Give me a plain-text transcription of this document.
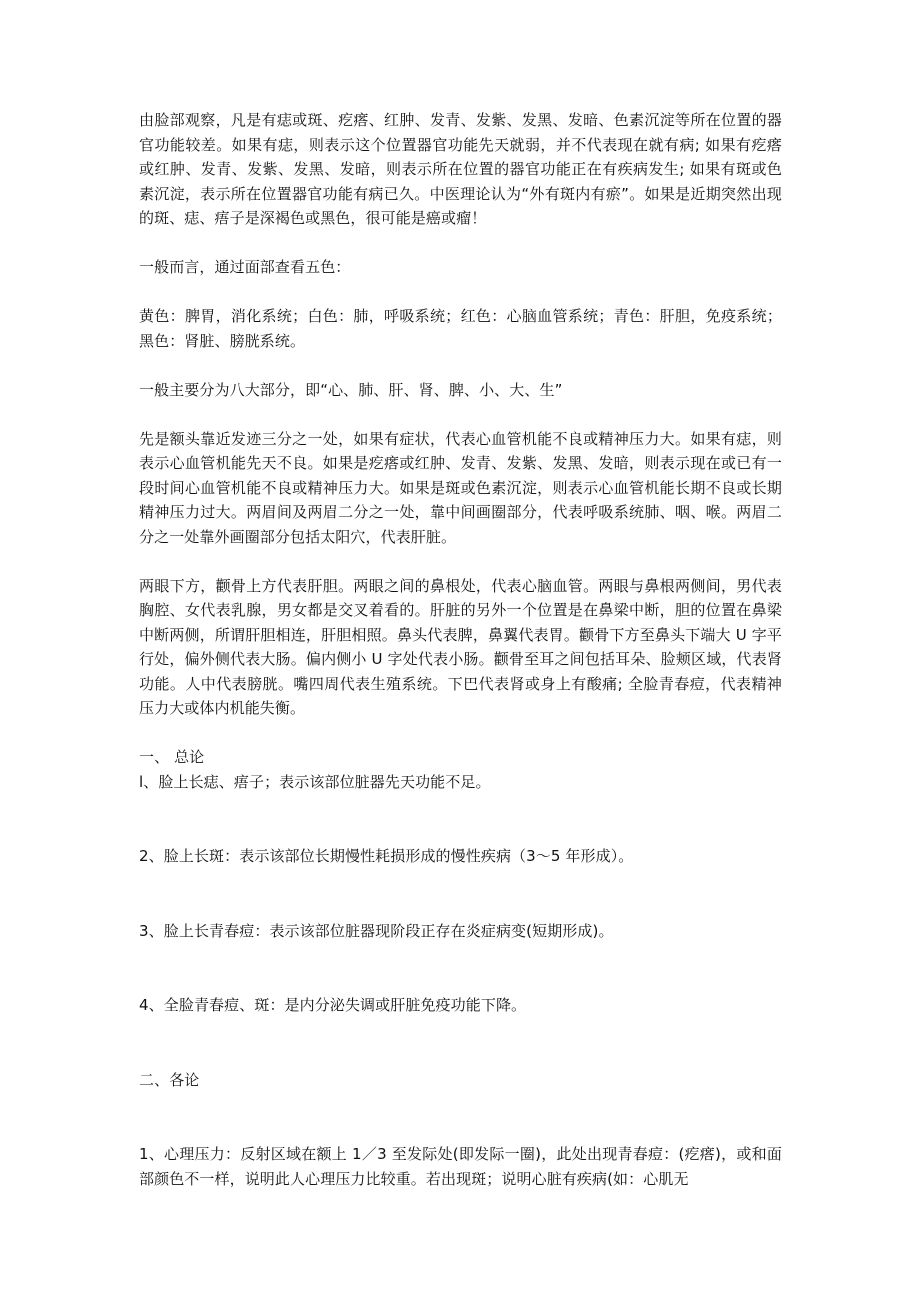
由脸部观察，凡是有痣或斑、疙瘩、红肿、发青、发紫、发黑、发暗、色素沉淀等所在位置的器官功能较差。如果有痣，则表示这个位置器官功能先天就弱，并不代表现在就有病; 如果有疙瘩或红肿、发青、发紫、发黑、发暗，则表示所在位置的器官功能正在有疾病发生; 如果有斑或色素沉淀，表示所在位置器官功能有病已久。中医理论认为“外有斑内有瘀”。如果是近期突然出现的斑、痣、痦子是深褐色或黑色，很可能是癌或瘤！

一般而言，通过面部查看五色：

黄色：脾胃，消化系统；白色：肺，呼吸系统；红色：心脑血管系统；青色：肝胆，免疫系统；黑色：肾脏、膀胱系统。

一般主要分为八大部分，即“心、肺、肝、肾、脾、小、大、生”

先是额头靠近发迹三分之一处，如果有症状，代表心血管机能不良或精神压力大。如果有痣，则表示心血管机能先天不良。如果是疙瘩或红肿、发青、发紫、发黑、发暗，则表示现在或已有一段时间心血管机能不良或精神压力大。如果是斑或色素沉淀，则表示心血管机能长期不良或长期精神压力过大。两眉间及两眉二分之一处，靠中间画圈部分，代表呼吸系统肺、咽、喉。两眉二分之一处靠外画圈部分包括太阳穴，代表肝脏。

两眼下方，颧骨上方代表肝胆。两眼之间的鼻根处，代表心脑血管。两眼与鼻根两侧间，男代表胸腔、女代表乳腺，男女都是交叉着看的。肝脏的另外一个位置是在鼻梁中断，胆的位置在鼻梁中断两侧，所谓肝胆相连，肝胆相照。鼻头代表脾，鼻翼代表胃。颧骨下方至鼻头下端大 U 字平行处，偏外侧代表大肠。偏内侧小 U 字处代表小肠。颧骨至耳之间包括耳朵、脸颊区域，代表肾功能。人中代表膀胱。嘴四周代表生殖系统。下巴代表肾或身上有酸痛; 全脸青春痘，代表精神压力大或体内机能失衡。

一、 总论

l、脸上长痣、痦子；表示该部位脏器先天功能不足。

2、脸上长斑：表示该部位长期慢性耗损形成的慢性疾病（3～5 年形成）。

3、脸上长青春痘：表示该部位脏器现阶段正存在炎症病变(短期形成)。

4、全脸青春痘、斑：是内分泌失调或肝脏免疫功能下降。

二、各论

1、心理压力：反射区域在额上 1／3 至发际处(即发际一圈)，此处出现青春痘：(疙瘩)，或和面部颜色不一样，说明此人心理压力比较重。若出现斑；说明心脏有疾病(如：心肌无
